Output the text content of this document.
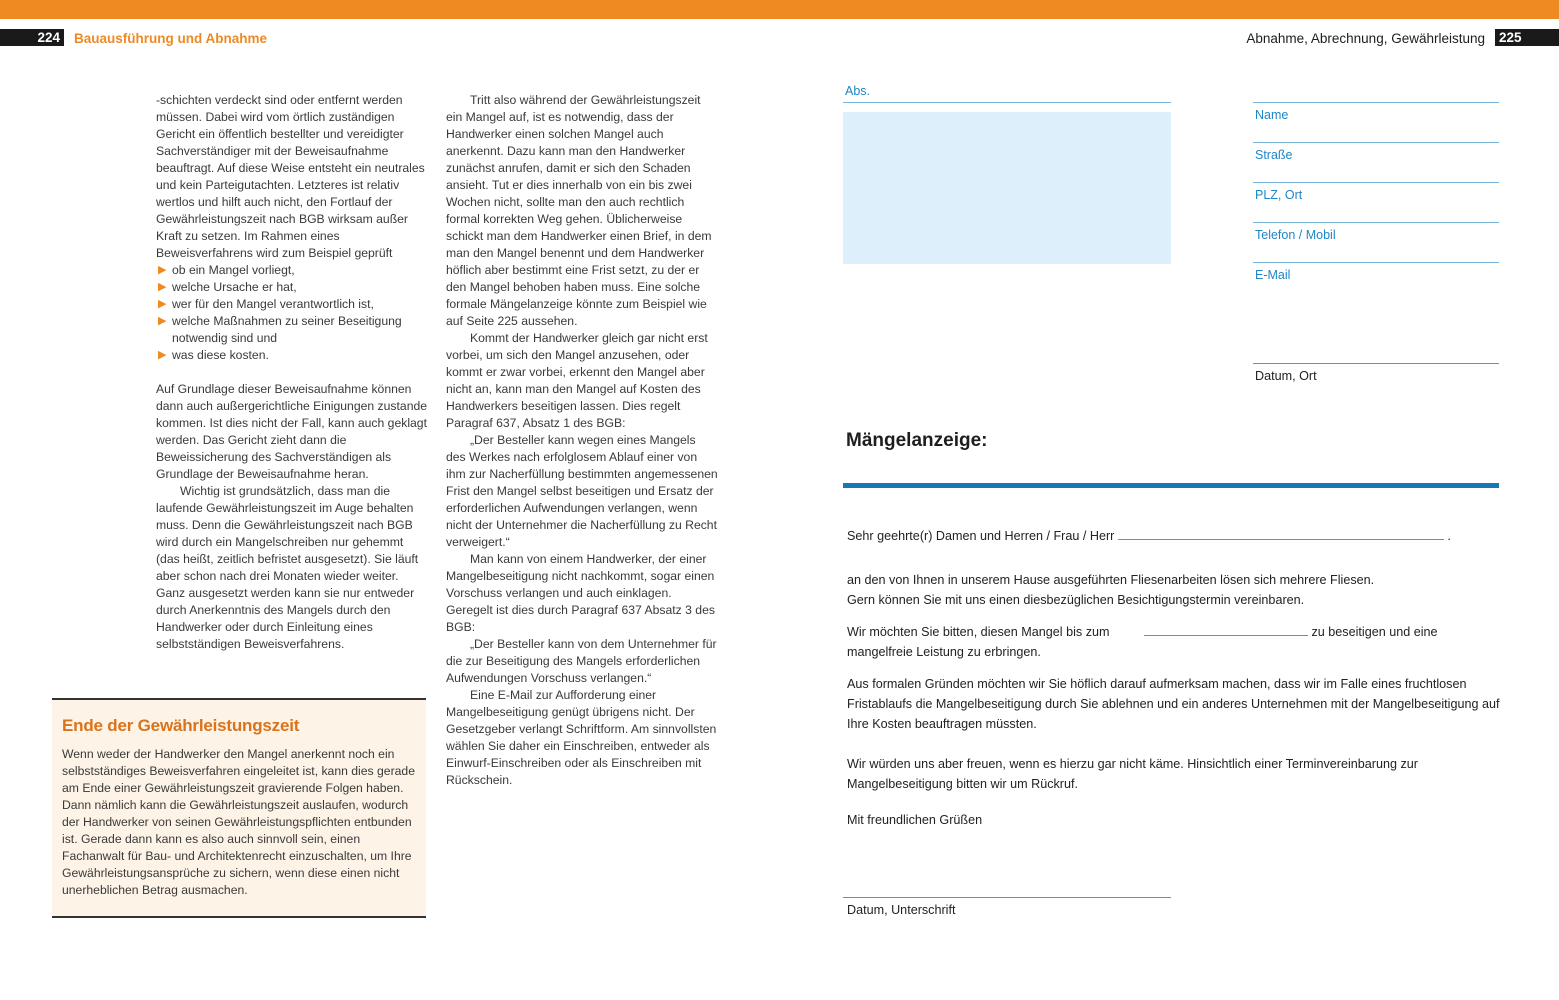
224 Bauausführung und Abnahme	Abnahme, Abrechnung, Gewährleistung 225

-schichten verdeckt sind oder entfernt werden müssen. Dabei wird vom örtlich zuständigen Gericht ein öffentlich bestellter und vereidigter Sachverständiger mit der Beweisaufnahme beauftragt. Auf diese Weise entsteht ein neutrales und kein Parteigutachten. Letzteres ist relativ wertlos und hilft auch nicht, den Fortlauf der Gewährleistungszeit nach BGB wirksam außer Kraft zu setzen. Im Rahmen eines Beweisverfahrens wird zum Beispiel geprüft

▶ ob ein Mangel vorliegt,
▶ welche Ursache er hat,
▶ wer für den Mangel verantwortlich ist,
▶ welche Maßnahmen zu seiner Beseitigung notwendig sind und
▶ was diese kosten.

Auf Grundlage dieser Beweisaufnahme können dann auch außergerichtliche Einigungen zustande kommen. Ist dies nicht der Fall, kann auch geklagt werden. Das Gericht zieht dann die Beweissicherung des Sachverständigen als Grundlage der Beweisaufnahme heran.

Wichtig ist grundsätzlich, dass man die laufende Gewährleistungszeit im Auge behalten muss. Denn die Gewährleistungszeit nach BGB wird durch ein Mangelschreiben nur gehemmt (das heißt, zeitlich befristet ausgesetzt). Sie läuft aber schon nach drei Monaten wieder weiter. Ganz ausgesetzt werden kann sie nur entweder durch Anerkenntnis des Mangels durch den Handwerker oder durch Einleitung eines selbstständigen Beweisverfahrens.

Ende der Gewährleistungszeit
Wenn weder der Handwerker den Mangel anerkennt noch ein selbstständiges Beweisverfahren eingeleitet ist, kann dies gerade am Ende einer Gewährleistungszeit gravierende Folgen haben. Dann nämlich kann die Gewährleistungszeit auslaufen, wodurch der Handwerker von seinen Gewährleistungspflichten entbunden ist. Gerade dann kann es also auch sinnvoll sein, einen Fachanwalt für Bau- und Architektenrecht einzuschalten, um Ihre Gewährleistungsansprüche zu sichern, wenn diese einen nicht unerheblichen Betrag ausmachen.

Tritt also während der Gewährleistungszeit ein Mangel auf, ist es notwendig, dass der Handwerker einen solchen Mangel auch anerkennt. Dazu kann man den Handwerker zunächst anrufen, damit er sich den Schaden ansieht. Tut er dies innerhalb von ein bis zwei Wochen nicht, sollte man den auch rechtlich formal korrekten Weg gehen. Üblicherweise schickt man dem Handwerker einen Brief, in dem man den Mangel benennt und dem Handwerker höflich aber bestimmt eine Frist setzt, zu der er den Mangel behoben haben muss. Eine solche formale Mängelanzeige könnte zum Beispiel wie auf Seite 225 aussehen.

Kommt der Handwerker gleich gar nicht erst vorbei, um sich den Mangel anzusehen, oder kommt er zwar vorbei, erkennt den Mangel aber nicht an, kann man den Mangel auf Kosten des Handwerkers beseitigen lassen. Dies regelt Paragraf 637, Absatz 1 des BGB:

„Der Besteller kann wegen eines Mangels des Werkes nach erfolglosem Ablauf einer von ihm zur Nacherfüllung bestimmten angemessenen Frist den Mangel selbst beseitigen und Ersatz der erforderlichen Aufwendungen verlangen, wenn nicht der Unternehmer die Nacherfüllung zu Recht verweigert.“

Man kann von einem Handwerker, der einer Mangelbeseitigung nicht nachkommt, sogar einen Vorschuss verlangen und auch einklagen. Geregelt ist dies durch Paragraf 637 Absatz 3 des BGB:

„Der Besteller kann von dem Unternehmer für die zur Beseitigung des Mangels erforderlichen Aufwendungen Vorschuss verlangen.“

Eine E-Mail zur Aufforderung einer Mangelbeseitigung genügt übrigens nicht. Der Gesetzgeber verlangt Schriftform. Am sinnvollsten wählen Sie daher ein Einschreiben, entweder als Einwurf-Einschreiben oder als Einschreiben mit Rückschein.

Abs.
Name
Straße
PLZ, Ort
Telefon / Mobil
E-Mail
Datum, Ort
Mängelanzeige:
Sehr geehrte(r) Damen und Herren / Frau / Herr	.
an den von Ihnen in unserem Hause ausgeführten Fliesenarbeiten lösen sich mehrere Fliesen.
Gern können Sie mit uns einen diesbezüglichen Besichtigungstermin vereinbaren.
Wir möchten Sie bitten, diesen Mangel bis zum	zu beseitigen und eine
mangelfreie Leistung zu erbringen.
Aus formalen Gründen möchten wir Sie höflich darauf aufmerksam machen, dass wir im Falle eines fruchtlosen Fristablaufs die Mangelbeseitigung durch Sie ablehnen und ein anderes Unternehmen mit der Mangelbeseitigung auf Ihre Kosten beauftragen müssten.
Wir würden uns aber freuen, wenn es hierzu gar nicht käme. Hinsichtlich einer Terminvereinbarung zur Mangelbeseitigung bitten wir um Rückruf.
Mit freundlichen Grüßen
Datum, Unterschrift
